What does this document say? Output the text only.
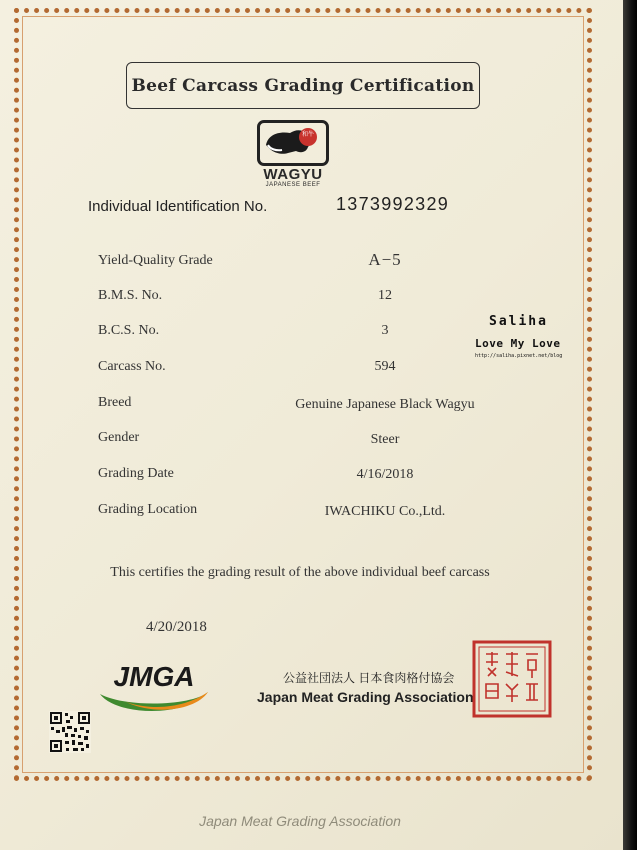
Beef Carcass Grading Certification
和牛
WAGYU
JAPANESE BEEF
Individual Identification No.	1373992329
Yield-Quality Grade	A−5
B.M.S. No.	12
B.C.S. No.	3
Carcass No.	594
Breed	Genuine Japanese Black Wagyu
Gender	Steer
Grading Date	4/16/2018
Grading Location	IWACHIKU Co.,Ltd.
Saliha
Love My Love
http://saliha.pixnet.net/blog
This certifies the grading result of the above individual beef carcass
4/20/2018
JMGA	公益社団法人 日本食肉格付協会
Japan Meat Grading Association
Japan Meat Grading Association
